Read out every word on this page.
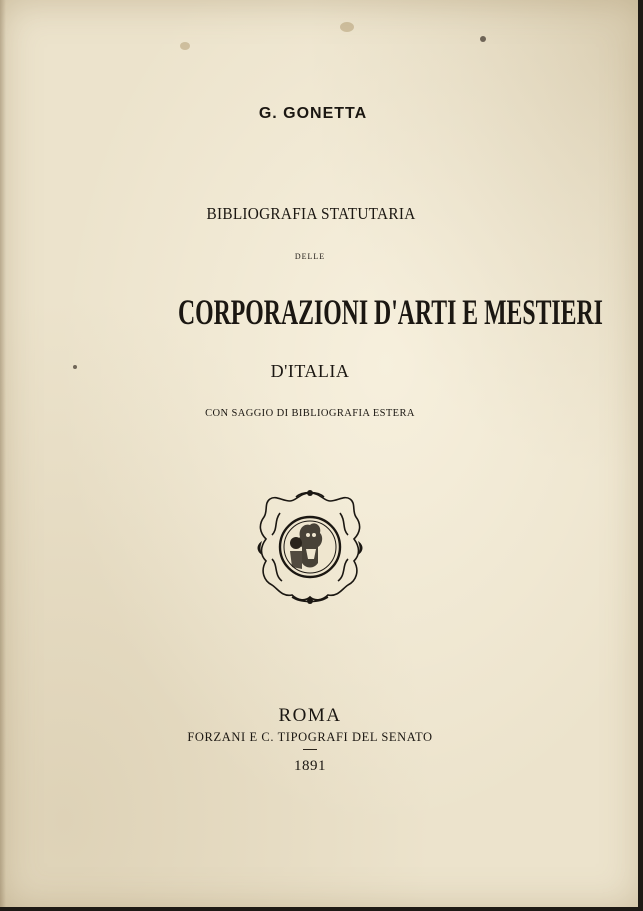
G. GONETTA
BIBLIOGRAFIA STATUTARIA
DELLE
CORPORAZIONI D'ARTI E MESTIERI
D'ITALIA
CON SAGGIO DI BIBLIOGRAFIA ESTERA
ROMA
FORZANI E C. TIPOGRAFI DEL SENATO
1891
